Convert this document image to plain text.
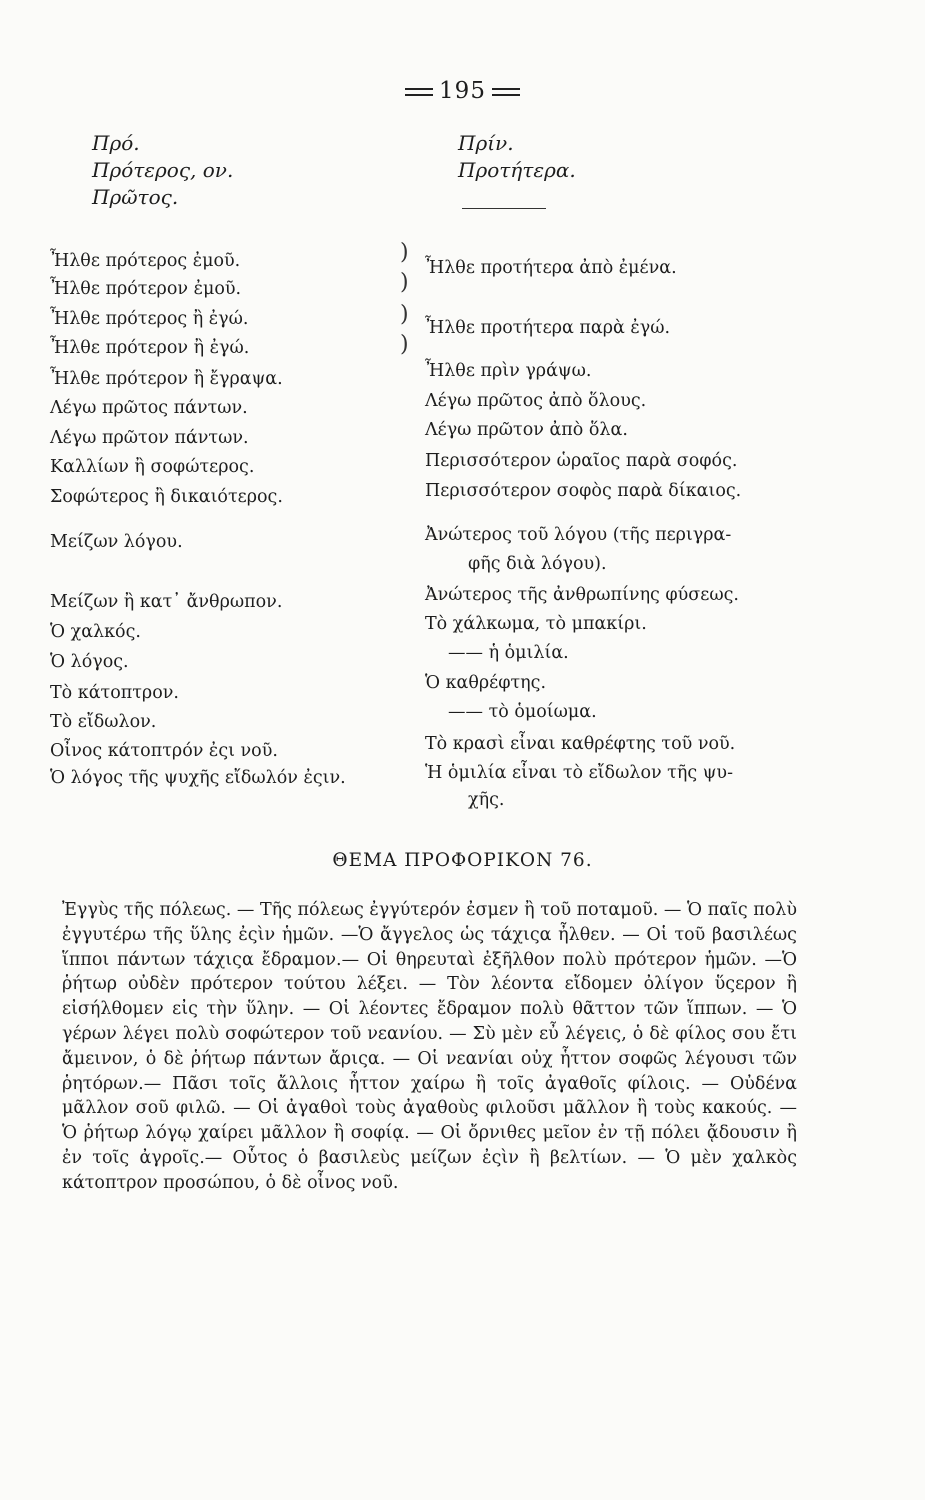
195
Πρό.
Πρότερος, ον.
Πρῶτος.
Πρίν.
Προτήτερα.
Ἦλθε πρότερος ἐμοῦ.
Ἦλθε πρότερον ἐμοῦ.
Ἦλθε πρότερος ἢ ἐγώ.
Ἦλθε πρότερον ἢ ἐγώ.
Ἦλθε πρότερον ἢ ἔγραψα.
Λέγω πρῶτος πάντων.
Λέγω πρῶτον πάντων.
Καλλίων ἢ σοφώτερος.
Σοφώτερος ἢ δικαιότερος.
Μείζων λόγου.
Μείζων ἢ κατ᾽ ἄνθρωπον.
Ὁ χαλκός.
Ὁ λόγος.
Τὸ κάτοπτρον.
Τὸ εἴδωλον.
Οἶνος κάτοπτρόν ἐςι νοῦ.
Ὁ λόγος τῆς ψυχῆς εἴδωλόν ἐςιν.
)
)
)
)
Ἦλθε προτήτερα ἀπὸ ἐμένα.
Ἦλθε προτήτερα παρὰ ἐγώ.
Ἦλθε πρὶν γράψω.
Λέγω πρῶτος ἀπὸ ὅλους.
Λέγω πρῶτον ἀπὸ ὅλα.
Περισσότερον ὡραῖος παρὰ σοφός.
Περισσότερον σοφὸς παρὰ δίκαιος.
Ἀνώτερος τοῦ λόγου (τῆς περιγρα-
φῆς διὰ λόγου).
Ἀνώτερος τῆς ἀνθρωπίνης φύσεως.
Τὸ χάλκωμα, τὸ μπακίρι.
—— ἡ ὁμιλία.
Ὁ καθρέφτης.
—— τὸ ὁμοίωμα.
Τὸ κρασὶ εἶναι καθρέφτης τοῦ νοῦ.
Ἡ ὁμιλία εἶναι τὸ εἴδωλον τῆς ψυ-
χῆς.
ΘΕΜΑ ΠΡΟΦΟΡΙΚΟΝ 76.

Ἐγγὺς τῆς πόλεως. — Τῆς πόλεως ἐγγύτερόν ἐσμεν ἢ τοῦ ποταμοῦ. — Ὁ παῖς πολὺ ἐγγυτέρω τῆς ὕλης ἐςὶν ἡμῶν. —Ὁ ἄγγελος ὡς τάχιςα ἦλθεν. — Οἱ τοῦ βασιλέως ἵπποι πάντων τάχιςα ἔδραμον.— Οἱ θηρευταὶ ἐξῆλθον πολὺ πρότερον ἡμῶν. —Ὁ ῥήτωρ οὐδὲν πρότερον τούτου λέξει. — Τὸν λέοντα εἴδομεν ὀλίγον ὕςερον ἢ εἰσήλθομεν εἰς τὴν ὕλην. — Οἱ λέοντες ἔδραμον πολὺ θᾶττον τῶν ἵππων. — Ὁ γέρων λέγει πολὺ σοφώτερον τοῦ νεανίου. — Σὺ μὲν εὖ λέγεις, ὁ δὲ φίλος σου ἔτι ἄμεινον, ὁ δὲ ῥήτωρ πάντων ἄριςα. — Οἱ νεανίαι οὐχ ἧττον σοφῶς λέγουσι τῶν ῥητόρων.— Πᾶσι τοῖς ἄλλοις ἧττον χαίρω ἢ τοῖς ἀγαθοῖς φίλοις. — Οὐδένα μᾶλλον σοῦ φιλῶ. — Οἱ ἀγαθοὶ τοὺς ἀγαθοὺς φιλοῦσι μᾶλλον ἢ τοὺς κακούς. — Ὁ ῥήτωρ λόγῳ χαίρει μᾶλλον ἢ σοφίᾳ. — Οἱ ὄρνιθες μεῖον ἐν τῇ πόλει ᾄδουσιν ἢ ἐν τοῖς ἀγροῖς.— Οὗτος ὁ βασιλεὺς μείζων ἐςὶν ἢ βελτίων. — Ὁ μὲν χαλκὸς κάτοπτρον προσώπου, ὁ δὲ οἶνος νοῦ.
